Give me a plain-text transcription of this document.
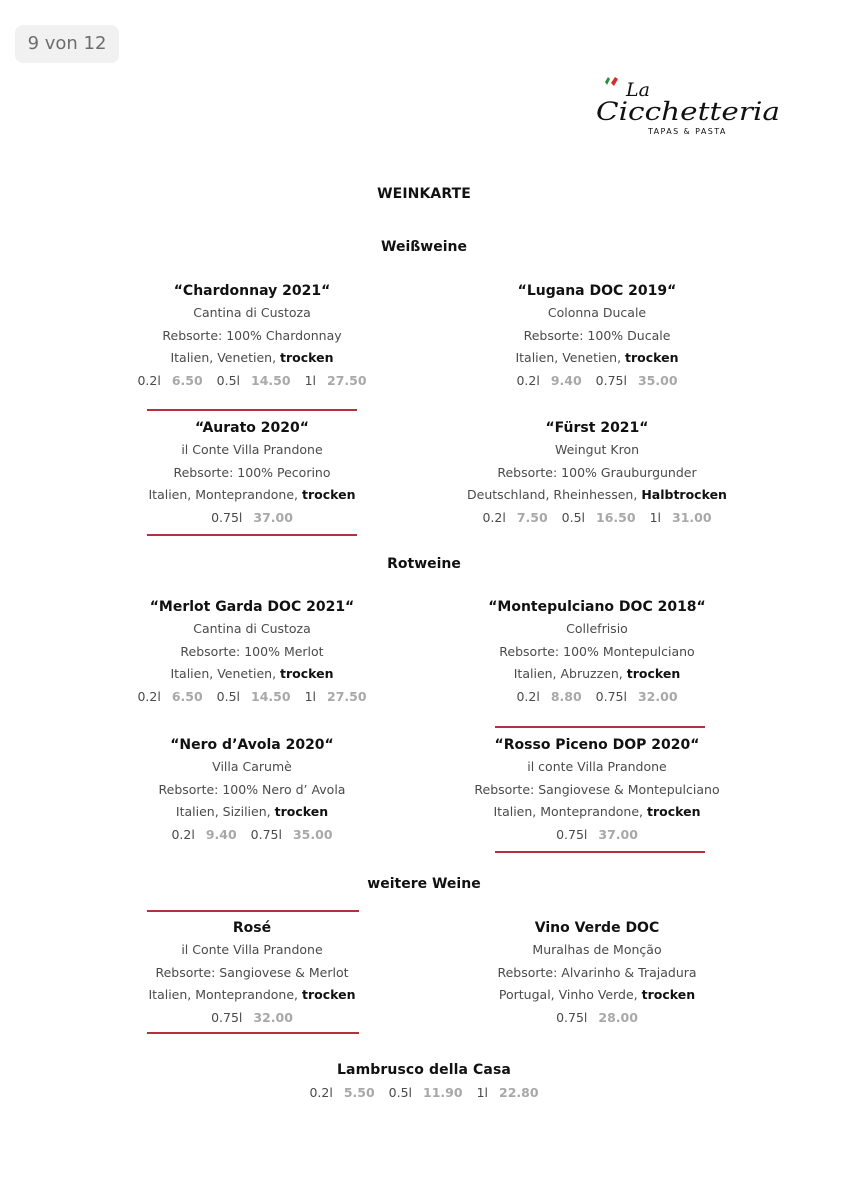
9 von 12
La
Cicchetteria
TAPAS & PASTA
WEINKARTE
Weißweine
Rotweine
weitere Weine
“Chardonnay 2021“
Cantina di Custoza
Rebsorte: 100% Chardonnay
Italien, Venetien, trocken
0.2l 6.50 0.5l 14.50 1l 27.50
“Lugana DOC 2019“
Colonna Ducale
Rebsorte: 100% Ducale
Italien, Venetien, trocken
0.2l 9.40 0.75l 35.00
“Aurato 2020“
il Conte Villa Prandone
Rebsorte: 100% Pecorino
Italien, Monteprandone, trocken
0.75l 37.00
“Fürst 2021“
Weingut Kron
Rebsorte: 100% Grauburgunder
Deutschland, Rheinhessen, Halbtrocken
0.2l 7.50 0.5l 16.50 1l 31.00
“Merlot Garda DOC 2021“
Cantina di Custoza
Rebsorte: 100% Merlot
Italien, Venetien, trocken
0.2l 6.50 0.5l 14.50 1l 27.50
“Montepulciano DOC 2018“
Collefrisio
Rebsorte: 100% Montepulciano
Italien, Abruzzen, trocken
0.2l 8.80 0.75l 32.00
“Nero d’Avola 2020“
Villa Carumè
Rebsorte: 100% Nero d’ Avola
Italien, Sizilien, trocken
0.2l 9.40 0.75l 35.00
“Rosso Piceno DOP 2020“
il conte Villa Prandone
Rebsorte: Sangiovese & Montepulciano
Italien, Monteprandone, trocken
0.75l 37.00
Rosé
il Conte Villa Prandone
Rebsorte: Sangiovese & Merlot
Italien, Monteprandone, trocken
0.75l 32.00
Vino Verde DOC
Muralhas de Monção
Rebsorte: Alvarinho & Trajadura
Portugal, Vinho Verde, trocken
0.75l 28.00
Lambrusco della Casa
0.2l 5.50 0.5l 11.90 1l 22.80
